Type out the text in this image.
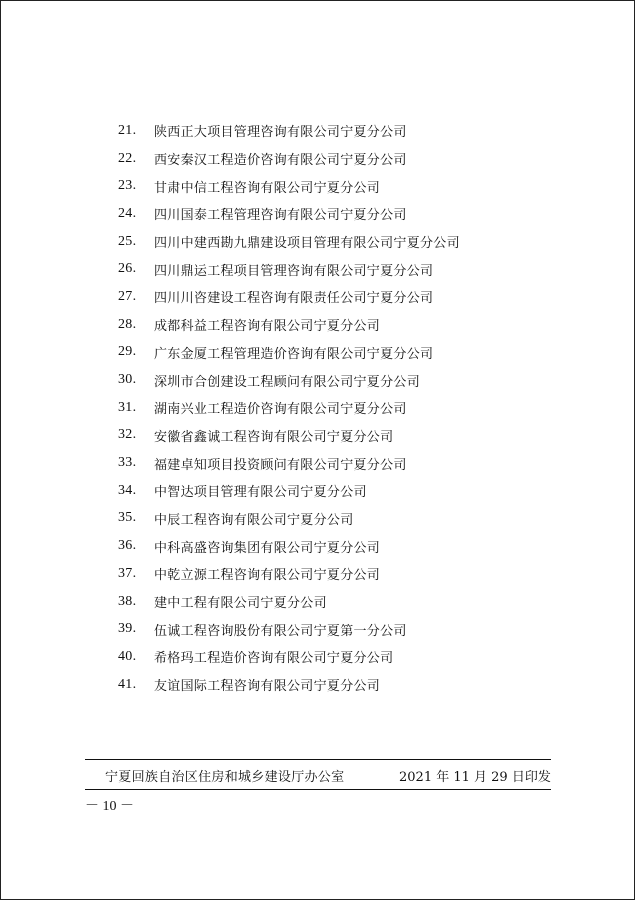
21.	陕西正大项目管理咨询有限公司宁夏分公司
22.	西安秦汉工程造价咨询有限公司宁夏分公司
23.	甘肃中信工程咨询有限公司宁夏分公司
24.	四川国泰工程管理咨询有限公司宁夏分公司
25.	四川中建西勘九鼎建设项目管理有限公司宁夏分公司
26.	四川鼎运工程项目管理咨询有限公司宁夏分公司
27.	四川川咨建设工程咨询有限责任公司宁夏分公司
28.	成都科益工程咨询有限公司宁夏分公司
29.	广东金厦工程管理造价咨询有限公司宁夏分公司
30.	深圳市合创建设工程顾问有限公司宁夏分公司
31.	湖南兴业工程造价咨询有限公司宁夏分公司
32.	安徽省鑫诚工程咨询有限公司宁夏分公司
33.	福建卓知项目投资顾问有限公司宁夏分公司
34.	中智达项目管理有限公司宁夏分公司
35.	中辰工程咨询有限公司宁夏分公司
36.	中科高盛咨询集团有限公司宁夏分公司
37.	中乾立源工程咨询有限公司宁夏分公司
38.	建中工程有限公司宁夏分公司
39.	伍诚工程咨询股份有限公司宁夏第一分公司
40.	希格玛工程造价咨询有限公司宁夏分公司
41.	友谊国际工程咨询有限公司宁夏分公司
宁夏回族自治区住房和城乡建设厅办公室	2021 年 11 月 29 日印发
－ 10 －
